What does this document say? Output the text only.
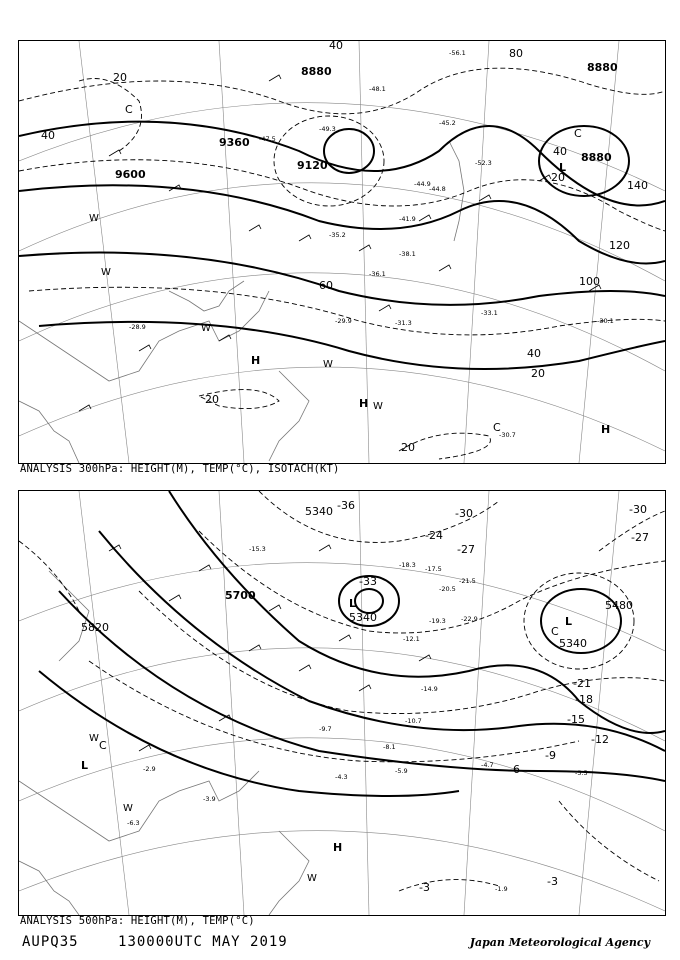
8880
9360
9120
9600
8880
8880
40
80
100
120
140
20
40
20
20
20
40
60
40
20
-45.2
-49.3
-47.5
-38.1
-36.1
-31.3
-33.1
-30.1
-29.9
-28.9
-30.7
-35.2
-41.9
-44.8
-52.3
-56.1
-48.1
-44.9
H
H
H
L
C
C
C
W
W
W
W
W
ANALYSIS 300hPa: HEIGHT(M), TEMP(°C), ISOTACH(KT)
5340
5700
5820
5340
5480
5340
-30
-27
-24
-21
-18
-15
-12
-9
-6
-3
-30
-27
-3
-36
-33
-20.5
-18.3 -17.5
-21.5
-22.9
-19.3
-14.9
-12.1
-10.7
-8.1
-5.9
-4.7
-5.5
-2.9
-1.9
-3.9
-4.3
-6.3
-15.3
-9.7
H
L
L
L
C
C
W
W
W
ANALYSIS 500hPa: HEIGHT(M), TEMP(°C)
AUPQ35	130000UTC MAY 2019	Japan Meteorological Agency
